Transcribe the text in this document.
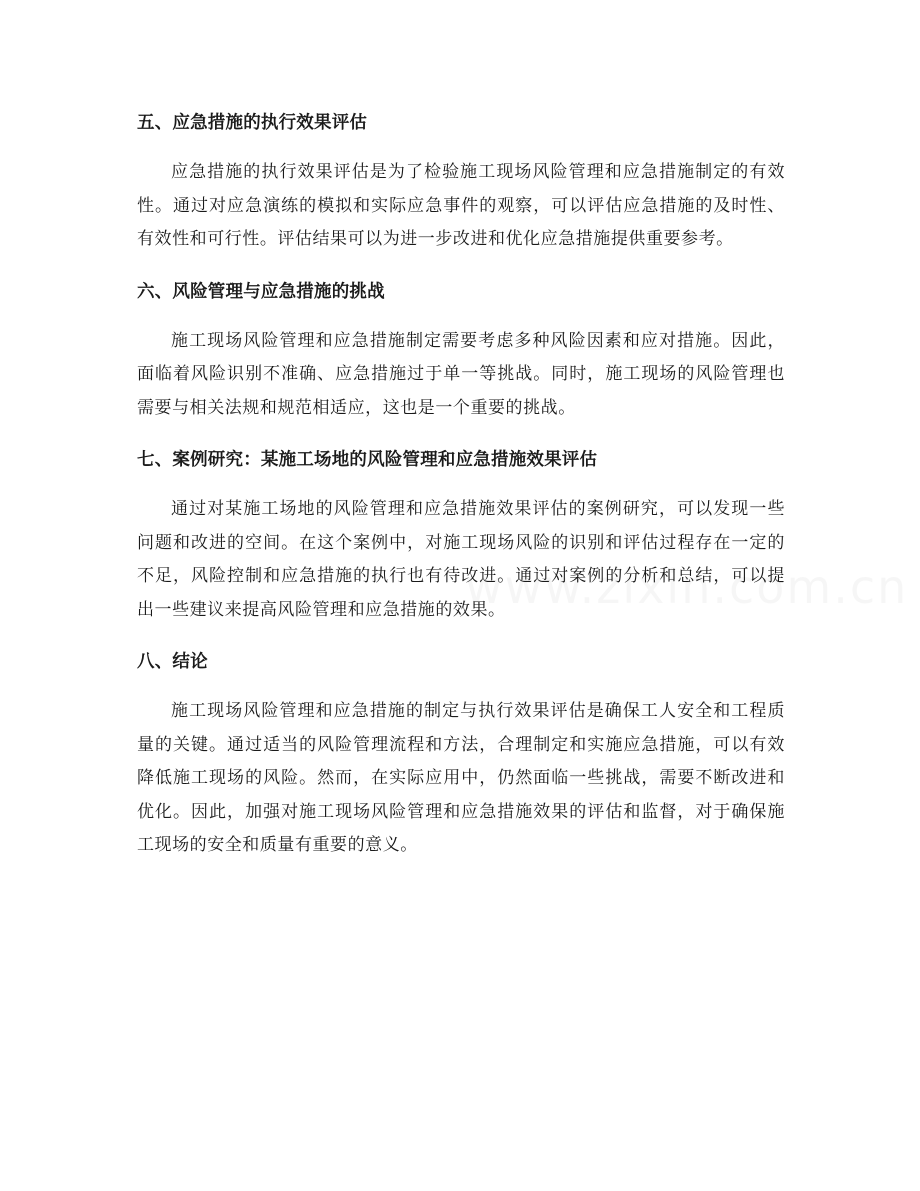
五、应急措施的执行效果评估

应急措施的执行效果评估是为了检验施工现场风险管理和应急措施制定的有效性。通过对应急演练的模拟和实际应急事件的观察，可以评估应急措施的及时性、有效性和可行性。评估结果可以为进一步改进和优化应急措施提供重要参考。

六、风险管理与应急措施的挑战

施工现场风险管理和应急措施制定需要考虑多种风险因素和应对措施。因此，面临着风险识别不准确、应急措施过于单一等挑战。同时，施工现场的风险管理也需要与相关法规和规范相适应，这也是一个重要的挑战。

七、案例研究：某施工场地的风险管理和应急措施效果评估

通过对某施工场地的风险管理和应急措施效果评估的案例研究，可以发现一些问题和改进的空间。在这个案例中，对施工现场风险的识别和评估过程存在一定的不足，风险控制和应急措施的执行也有待改进。通过对案例的分析和总结，可以提出一些建议来提高风险管理和应急措施的效果。

八、结论

施工现场风险管理和应急措施的制定与执行效果评估是确保工人安全和工程质量的关键。通过适当的风险管理流程和方法，合理制定和实施应急措施，可以有效降低施工现场的风险。然而，在实际应用中，仍然面临一些挑战，需要不断改进和优化。因此，加强对施工现场风险管理和应急措施效果的评估和监督，对于确保施工现场的安全和质量有重要的意义。
